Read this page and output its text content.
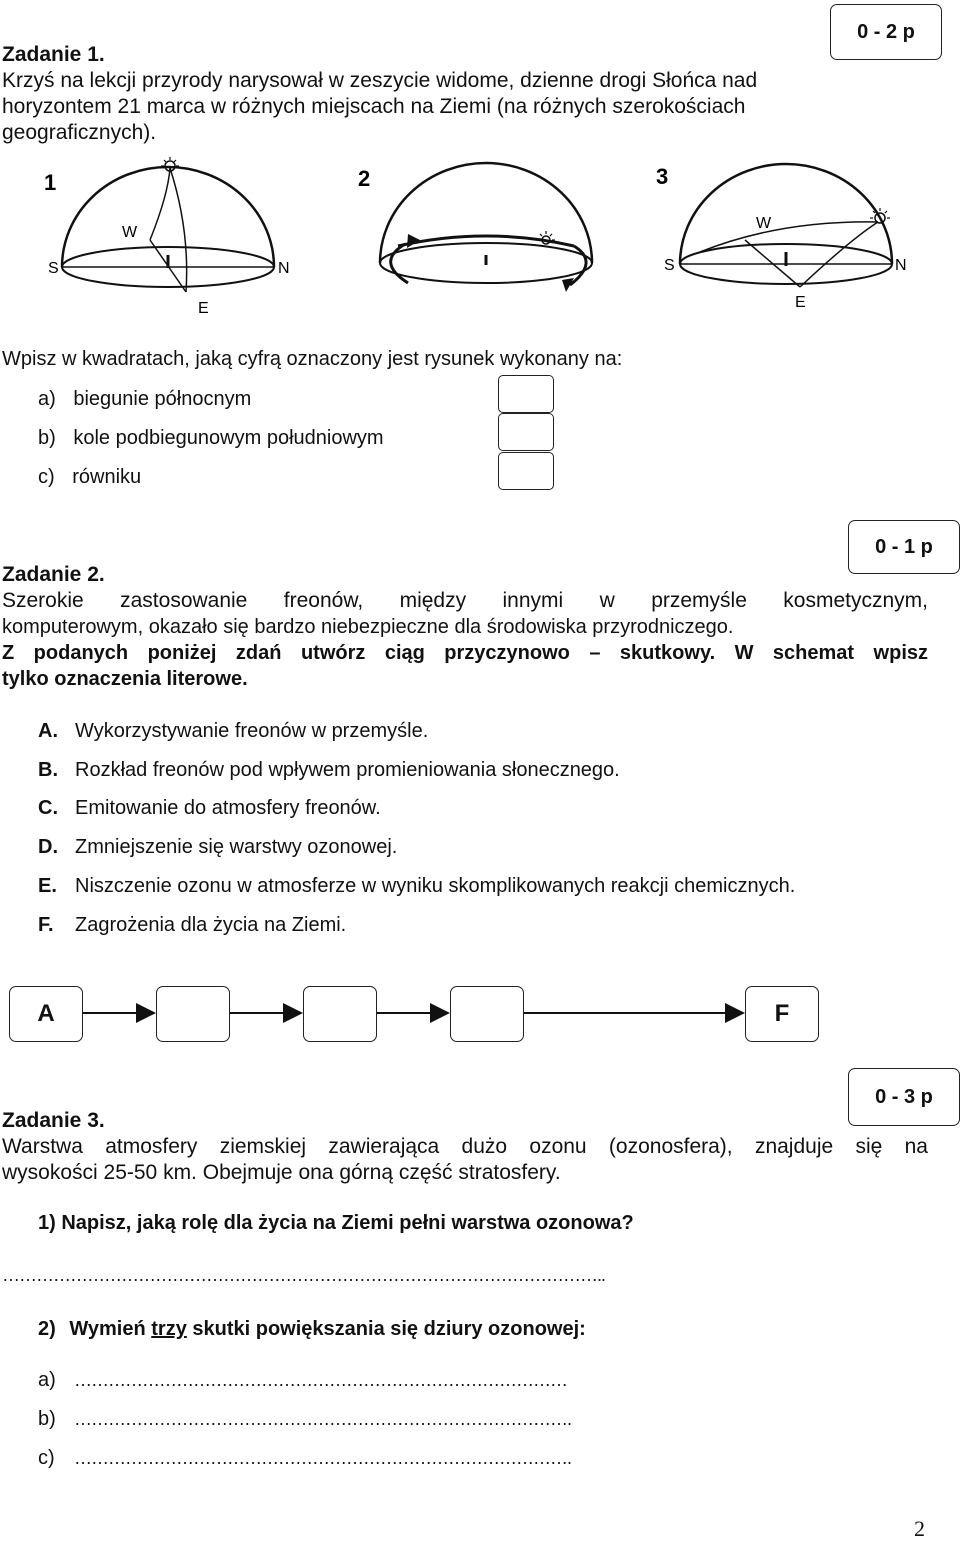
0 - 2 p
Zadanie 1.
Krzyś na lekcji przyrody narysował w zeszycie widome, dzienne drogi Słońca nad
horyzontem 21 marca w różnych miejscach na Ziemi (na różnych szerokościach
geograficznych).
1
W
S	N
E
2	3
W
S	N
E
Wpisz w kwadratach, jaką cyfrą oznaczony jest rysunek wykonany na:
a) biegunie północnym
b) kole podbiegunowym południowym
c) równiku
0 - 1 p
Zadanie 2.
Szerokie zastosowanie freonów, między innymi w przemyśle kosmetycznym,
komputerowym, okazało się bardzo niebezpieczne dla środowiska przyrodniczego.
Z podanych poniżej zdań utwórz ciąg przyczynowo – skutkowy. W schemat wpisz
tylko oznaczenia literowe.
A. Wykorzystywanie freonów w przemyśle.
B. Rozkład freonów pod wpływem promieniowania słonecznego.
C. Emitowanie do atmosfery freonów.
D. Zmniejszenie się warstwy ozonowej.
E. Niszczenie ozonu w atmosferze w wyniku skomplikowanych reakcji chemicznych.
F. Zagrożenia dla życia na Ziemi.
A	F
0 - 3 p
Zadanie 3.
Warstwa atmosfery ziemskiej zawierająca dużo ozonu (ozonosfera), znajduje się na
wysokości 25-50 km. Obejmuje ona górną część stratosfery.
1) Napisz, jaką rolę dla życia na Ziemi pełni warstwa ozonowa?
……………………………………………………………………………………………..
2) Wymień trzy skutki powiększania się dziury ozonowej:
a) ……………………………………………………………………………
b) …………………………………………………………………………….
c) …………………………………………………………………………….
2
